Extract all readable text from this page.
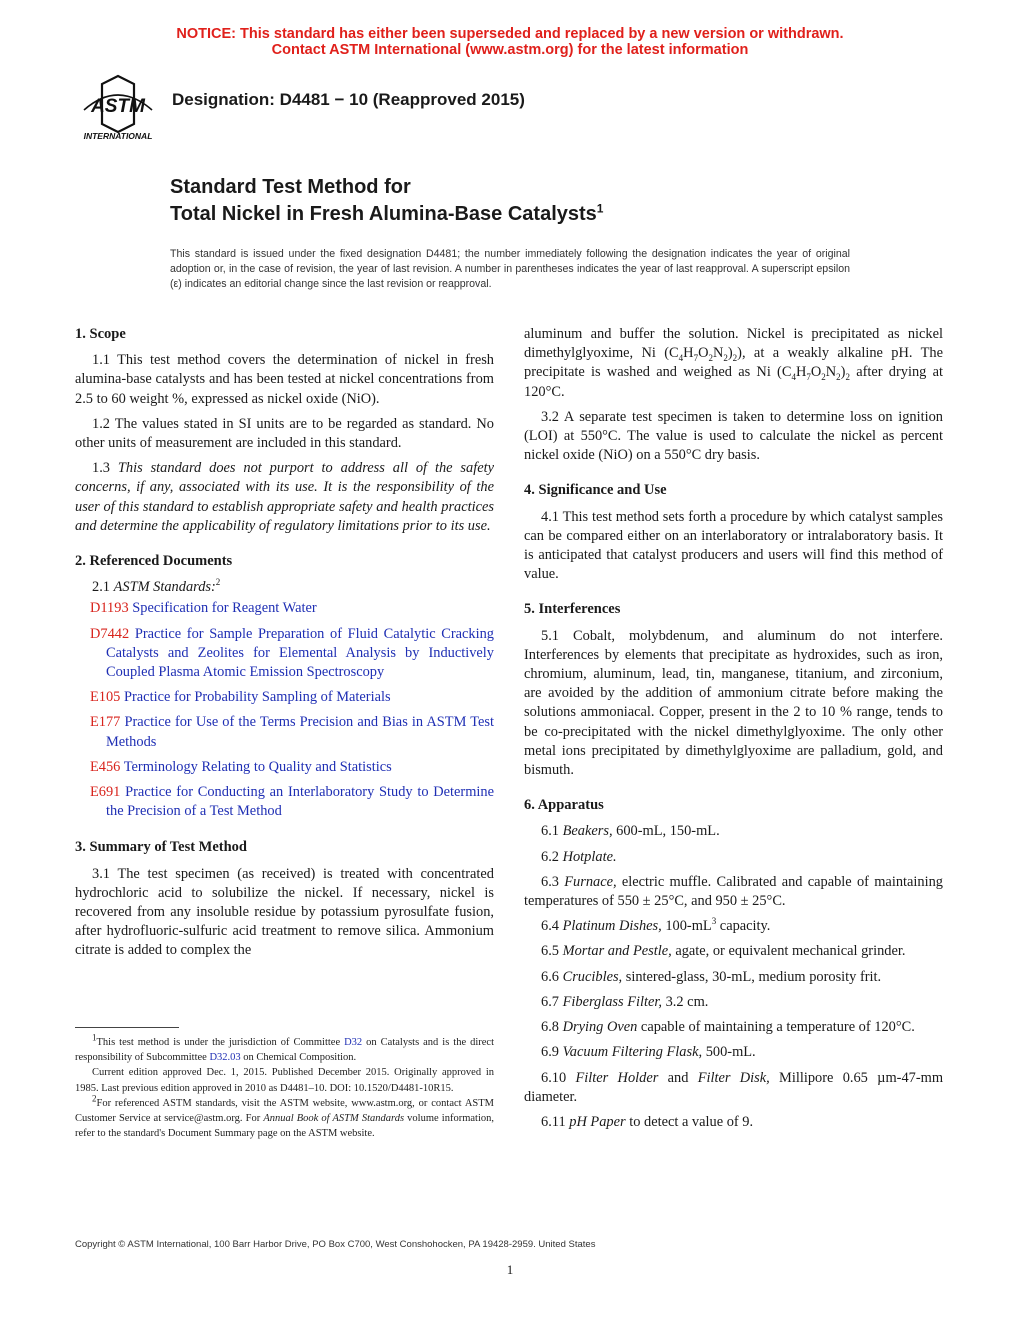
NOTICE: This standard has either been superseded and replaced by a new version or withdrawn.
Contact ASTM International (www.astm.org) for the latest information
ASTM
INTERNATIONAL
Designation: D4481 − 10 (Reapproved 2015)
Standard Test Method for
Total Nickel in Fresh Alumina-Base Catalysts$^1$
This standard is issued under the fixed designation D4481; the number immediately following the designation indicates the year of original adoption or, in the case of revision, the year of last revision. A number in parentheses indicates the year of last reapproval. A superscript epsilon (ε) indicates an editorial change since the last revision or reapproval.
1. Scope

1.1 This test method covers the determination of nickel in fresh alumina-base catalysts and has been tested at nickel concentrations from 2.5 to 60 weight %, expressed as nickel oxide (NiO).

1.2 The values stated in SI units are to be regarded as standard. No other units of measurement are included in this standard.

1.3 This standard does not purport to address all of the safety concerns, if any, associated with its use. It is the responsibility of the user of this standard to establish appropriate safety and health practices and determine the applicability of regulatory limitations prior to its use.

2. Referenced Documents

2.1 ASTM Standards:$^2$

D1193 Specification for Reagent Water

D7442 Practice for Sample Preparation of Fluid Catalytic Cracking Catalysts and Zeolites for Elemental Analysis by Inductively Coupled Plasma Atomic Emission Spectroscopy

E105 Practice for Probability Sampling of Materials

E177 Practice for Use of the Terms Precision and Bias in ASTM Test Methods

E456 Terminology Relating to Quality and Statistics

E691 Practice for Conducting an Interlaboratory Study to Determine the Precision of a Test Method

3. Summary of Test Method

3.1 The test specimen (as received) is treated with concentrated hydrochloric acid to solubilize the nickel. If necessary, nickel is recovered from any insoluble residue by potassium pyrosulfate fusion, after hydrofluoric-sulfuric acid treatment to remove silica. Ammonium citrate is added to complex the

$^1$This test method is under the jurisdiction of Committee D32 on Catalysts and is the direct responsibility of Subcommittee D32.03 on Chemical Composition.

Current edition approved Dec. 1, 2015. Published December 2015. Originally approved in 1985. Last previous edition approved in 2010 as D4481–10. DOI: 10.1520/D4481-10R15.

$^2$For referenced ASTM standards, visit the ASTM website, www.astm.org, or contact ASTM Customer Service at service@astm.org. For Annual Book of ASTM Standards volume information, refer to the standard's Document Summary page on the ASTM website.

aluminum and buffer the solution. Nickel is precipitated as nickel dimethylglyoxime, Ni $(C_4H_7O_2N_2)_2$), at a weakly alkaline pH. The precipitate is washed and weighed as Ni $(C_4H_7O_2N_2)_2$ after drying at 120°C.

3.2 A separate test specimen is taken to determine loss on ignition (LOI) at 550°C. The value is used to calculate the nickel as percent nickel oxide (NiO) on a 550°C dry basis.

4. Significance and Use

4.1 This test method sets forth a procedure by which catalyst samples can be compared either on an interlaboratory or intralaboratory basis. It is anticipated that catalyst producers and users will find this method of value.

5. Interferences

5.1 Cobalt, molybdenum, and aluminum do not interfere. Interferences by elements that precipitate as hydroxides, such as iron, chromium, aluminum, lead, tin, manganese, titanium, and zirconium, are avoided by the addition of ammonium citrate before making the solutions ammoniacal. Copper, present in the 2 to 10 % range, tends to be co-precipitated with the nickel dimethylglyoxime. The only other metal ions precipitated by dimethylglyoxime are palladium, gold, and bismuth.

6. Apparatus

6.1 Beakers, 600-mL, 150-mL.

6.2 Hotplate.

6.3 Furnace, electric muffle. Calibrated and capable of maintaining temperatures of 550 ± 25°C, and 950 ± 25°C.

6.4 Platinum Dishes, $100-mL^3$ capacity.

6.5 Mortar and Pestle, agate, or equivalent mechanical grinder.

6.6 Crucibles, sintered-glass, 30-mL, medium porosity frit.

6.7 Fiberglass Filter, 3.2 cm.

6.8 Drying Oven capable of maintaining a temperature of 120°C.

6.9 Vacuum Filtering Flask, 500-mL.

6.10 Filter Holder and Filter Disk, Millipore 0.65 µm-47-mm diameter.

6.11 pH Paper to detect a value of 9.

Copyright © ASTM International, 100 Barr Harbor Drive, PO Box C700, West Conshohocken, PA 19428-2959. United States
1
